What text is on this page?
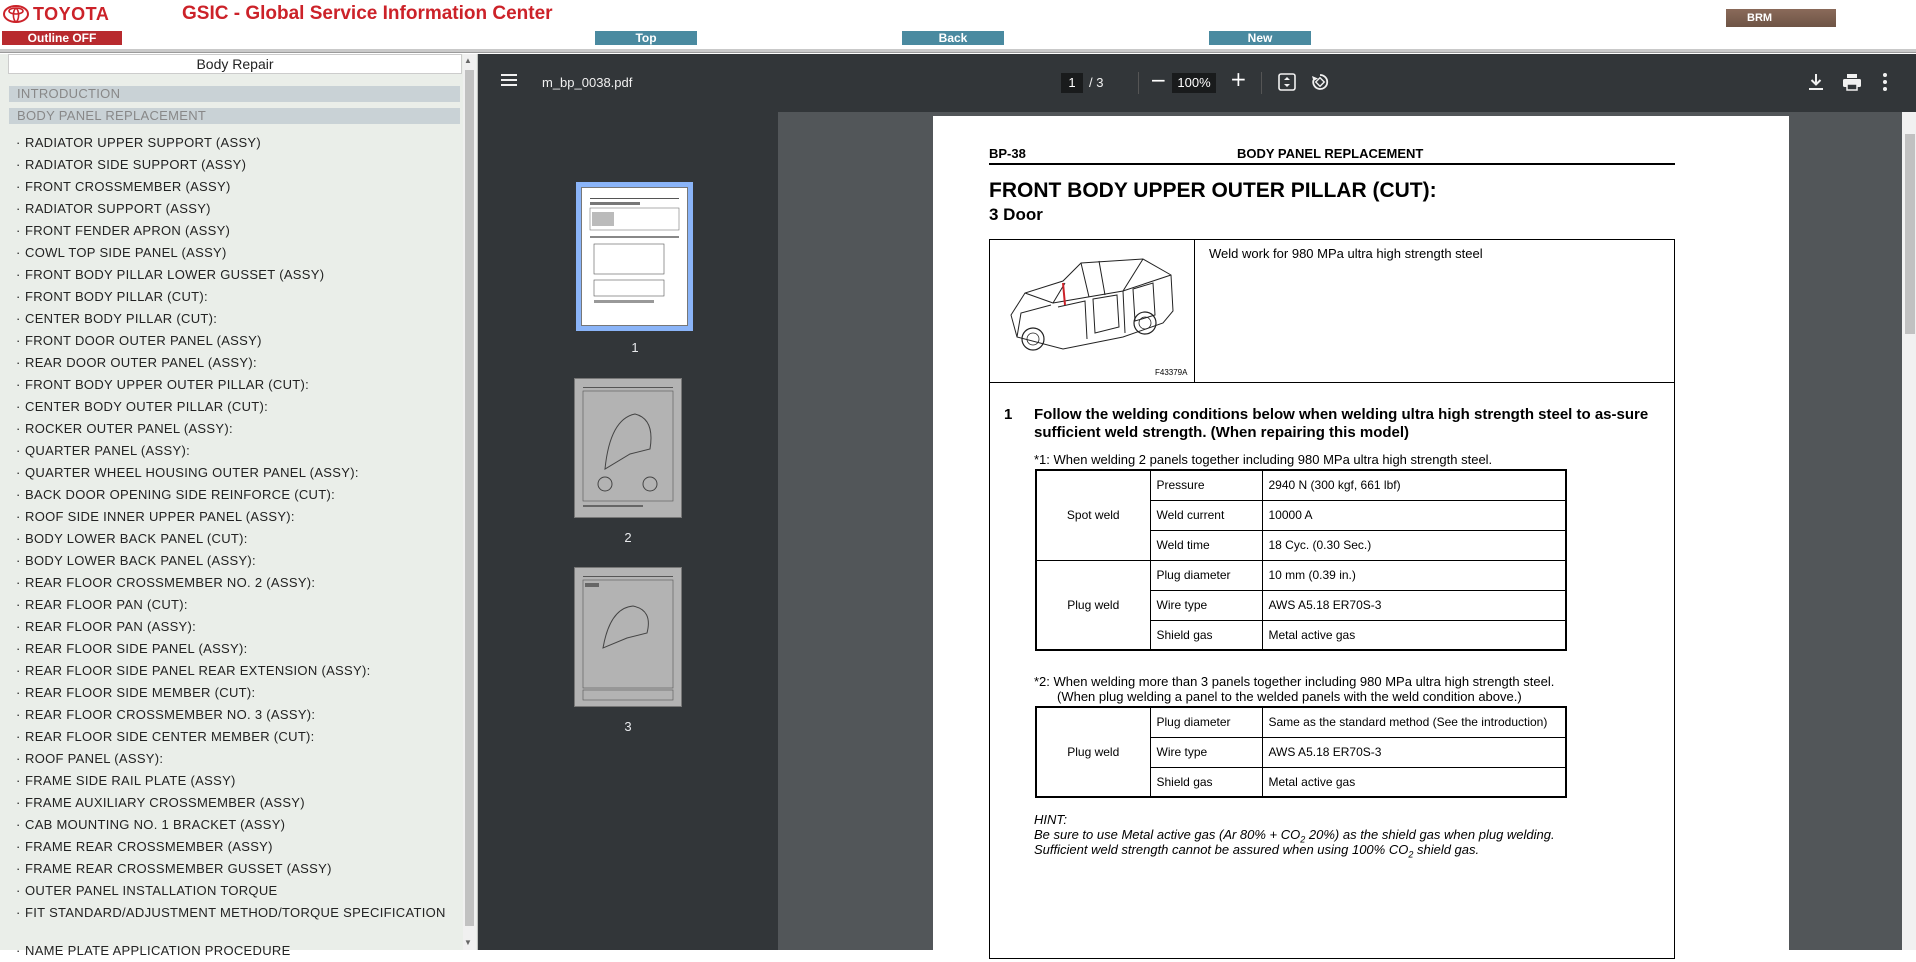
TOYOTA	GSIC - Global Service Information Center
Outline OFF	Top	Back	New
BRM
Body Repair
INTRODUCTION
BODY PANEL REPLACEMENT
· RADIATOR UPPER SUPPORT (ASSY)
· RADIATOR SIDE SUPPORT (ASSY)
· FRONT CROSSMEMBER (ASSY)
· RADIATOR SUPPORT (ASSY)
· FRONT FENDER APRON (ASSY)
· COWL TOP SIDE PANEL (ASSY)
· FRONT BODY PILLAR LOWER GUSSET (ASSY)
· FRONT BODY PILLAR (CUT):
· CENTER BODY PILLAR (CUT):
· FRONT DOOR OUTER PANEL (ASSY)
· REAR DOOR OUTER PANEL (ASSY):
· FRONT BODY UPPER OUTER PILLAR (CUT):
· CENTER BODY OUTER PILLAR (CUT):
· ROCKER OUTER PANEL (ASSY):
· QUARTER PANEL (ASSY):
· QUARTER WHEEL HOUSING OUTER PANEL (ASSY):
· BACK DOOR OPENING SIDE REINFORCE (CUT):
· ROOF SIDE INNER UPPER PANEL (ASSY):
· BODY LOWER BACK PANEL (CUT):
· BODY LOWER BACK PANEL (ASSY):
· REAR FLOOR CROSSMEMBER NO. 2 (ASSY):
· REAR FLOOR PAN (CUT):
· REAR FLOOR PAN (ASSY):
· REAR FLOOR SIDE PANEL (ASSY):
· REAR FLOOR SIDE PANEL REAR EXTENSION (ASSY):
· REAR FLOOR SIDE MEMBER (CUT):
· REAR FLOOR CROSSMEMBER NO. 3 (ASSY):
· REAR FLOOR SIDE CENTER MEMBER (CUT):
· ROOF PANEL (ASSY):
· FRAME SIDE RAIL PLATE (ASSY)
· FRAME AUXILIARY CROSSMEMBER (ASSY)
· CAB MOUNTING NO. 1 BRACKET (ASSY)
· FRAME REAR CROSSMEMBER (ASSY)
· FRAME REAR CROSSMEMBER GUSSET (ASSY)
· OUTER PANEL INSTALLATION TORQUE
· FIT STANDARD/ADJUSTMENT METHOD/TORQUE SPECIFICATION
· NAME PLATE APPLICATION PROCEDURE
▲
▼
m_bp_0038.pdf	1	/ 3 − 100% +
1
2
3
BP-38	BODY PANEL REPLACEMENT
FRONT BODY UPPER OUTER PILLAR (CUT):
3 Door
F43379A
Weld work for 980 MPa ultra high strength steel
1 Follow the welding conditions below when welding ultra high strength steel to as-sure sufficient weld strength. (When repairing this model)
*1: When welding 2 panels together including 980 MPa ultra high strength steel.
Spot weld	Pressure	2940 N (300 kgf, 661 lbf)
	Weld current	10000 A
	Weld time	18 Cyc. (0.30 Sec.)
Plug weld	Plug diameter	10 mm (0.39 in.)
	Wire type	AWS A5.18 ER70S-3
	Shield gas	Metal active gas
*2: When welding more than 3 panels together including 980 MPa ultra high strength steel.
(When plug welding a panel to the welded panels with the weld condition above.)
Plug weld	Plug diameter	Same as the standard method (See the introduction)
	Wire type	AWS A5.18 ER70S-3
	Shield gas	Metal active gas
HINT:
Be sure to use Metal active gas (Ar $80\% + CO_2$ 20%) as the shield gas when plug welding.
Sufficient weld strength cannot be assured when using 100% $CO_2$ shield gas.
